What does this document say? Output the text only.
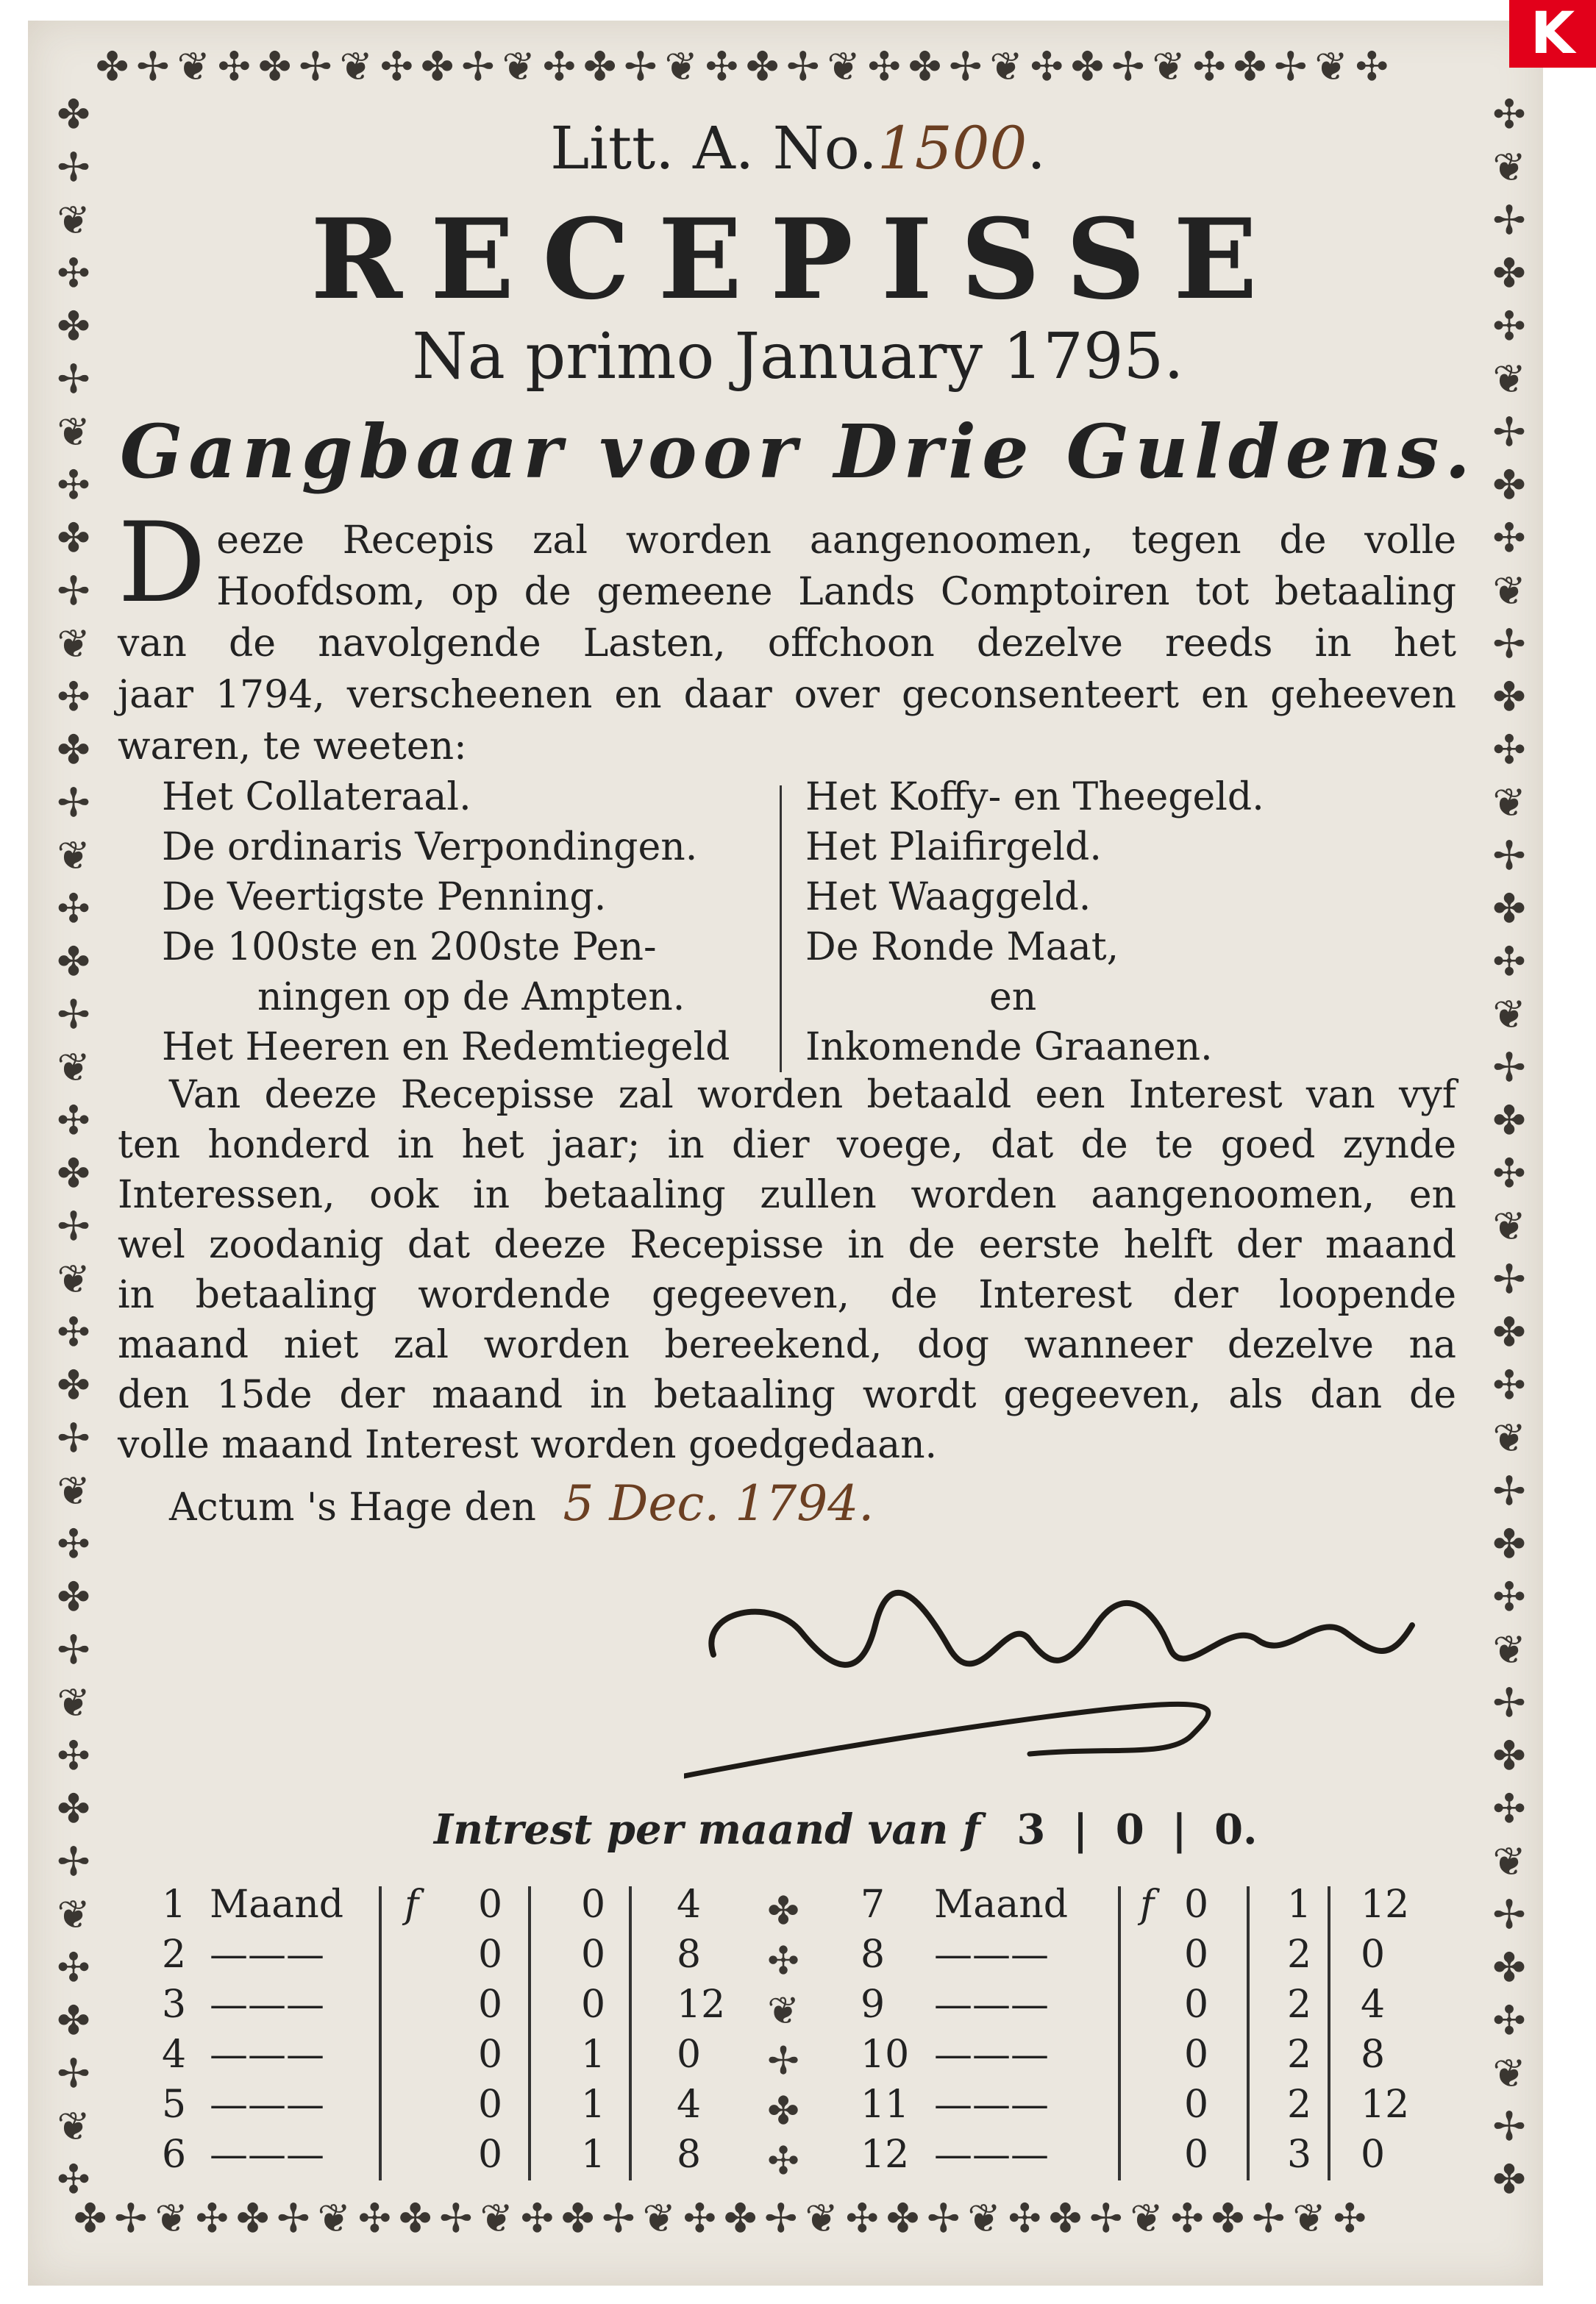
K
✤✢❦✣✤✢❦✣✤✢❦✣✤✢❦✣✤✢❦✣✤✢❦✣✤✢❦✣✤✢❦✣
✤✢❦✣✤✢❦✣✤✢❦✣✤✢❦✣✤✢❦✣✤✢❦✣✤✢❦✣✤✢❦✣
✤✢❦✣✤✢❦✣✤✢❦✣✤✢❦✣✤✢❦✣✤✢❦✣✤✢❦✣✤✢❦✣✤✢❦✣✤✢❦✣
✣❦✢✤✣❦✢✤✣❦✢✤✣❦✢✤✣❦✢✤✣❦✢✤✣❦✢✤✣❦✢✤✣❦✢✤✣❦✢✤
Litt. A. No.1500.
RECEPISSE
Na primo January 1795.
Gangbaar voor Drie Guldens.
D eeze Recepis zal worden aangenoomen, tegen de volle

Hoofdsom, op de gemeene Lands Comptoiren tot betaaling

van de navolgende Lasten, offchoon dezelve reeds in het

jaar 1794, verscheenen en daar over geconsenteert en geheeven

waren, te weeten:

Het Collateraal.
De ordinaris Verpondingen.
De Veertigste Penning.
De 100ste en 200ste Pen-
ningen op de Ampten.
Het Heeren en Redemtiegeld
Het Koffy- en Theegeld.
Het Plaifirgeld.
Het Waaggeld.
De Ronde Maat,
en
Inkomende Graanen.

Van deeze Recepisse zal worden betaald een Interest van vyf

ten honderd in het jaar; in dier voege, dat de te goed zynde

Interessen, ook in betaaling zullen worden aangenoomen, en

wel zoodanig dat deeze Recepisse in de eerste helft der maand

in betaaling wordende gegeeven, de Interest der loopende

maand niet zal worden bereekend, dog wanneer dezelve na

den 15de der maand in betaaling wordt gegeeven, als dan de

volle maand Interest worden goedgedaan.

Actum 's Hage den 5 Dec. 1794.
Intrest per maand van f 3 | 0 | 0.
1 Maand f 0 0 4
2 ———	0 0 8
3 ———	0 0 12
4 ———	0 1 0
5 ———	0 1 4
6 ———	0 1 8
✤ ✣ ❦ ✢ ✤ ✣
7 Maand f 0 1 12
8 ———	0 2 0
9 ———	0 2 4
10 ———	0 2 8
11 ———	0 2 12
12 ———	0 3 0
